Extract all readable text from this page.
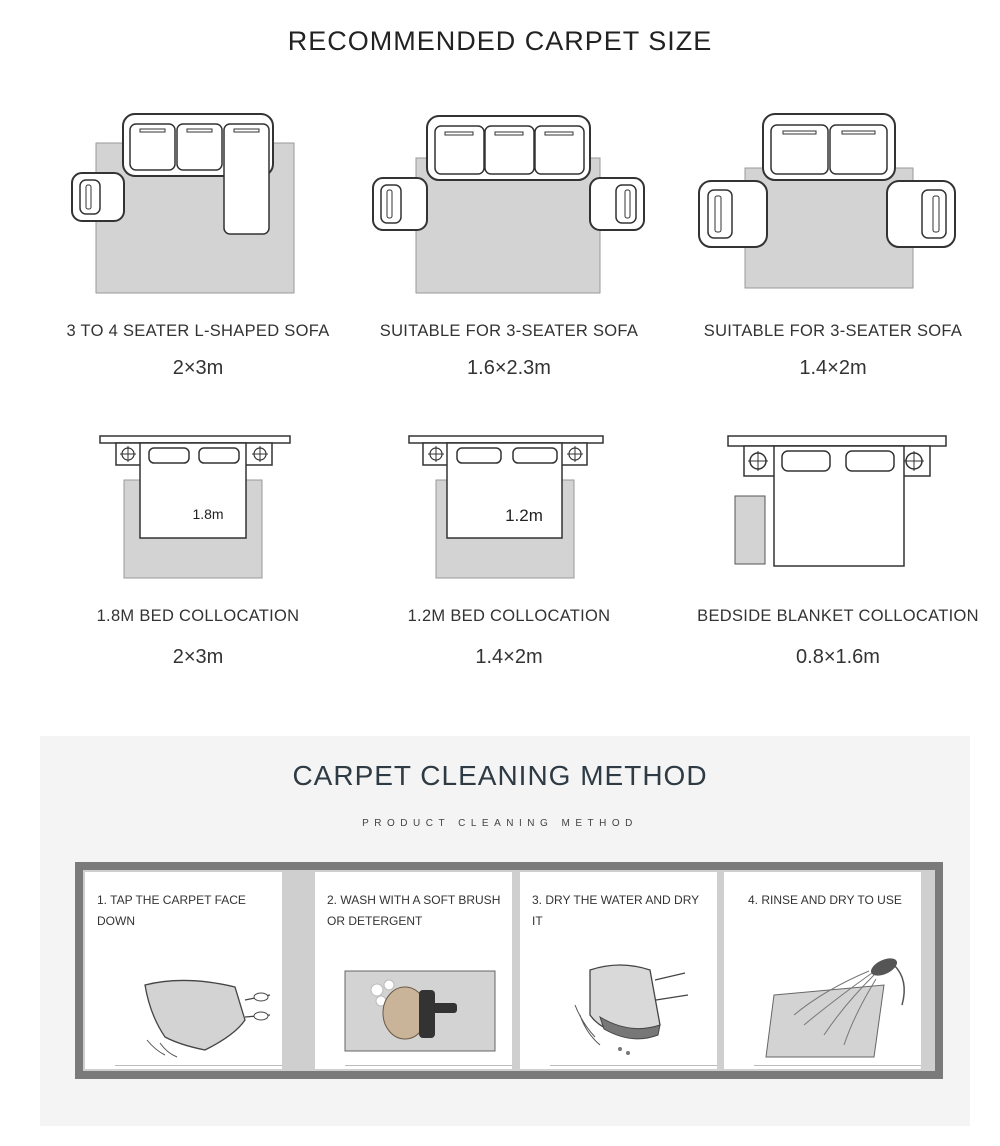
RECOMMENDED CARPET SIZE
3 TO 4 SEATER L-SHAPED SOFA
2×3m
SUITABLE FOR 3-SEATER SOFA
1.6×2.3m
SUITABLE FOR 3-SEATER SOFA
1.4×2m
1.8m
1.8M BED COLLOCATION
2×3m
1.2m
1.2M BED COLLOCATION
1.4×2m
BEDSIDE BLANKET COLLOCATION
0.8×1.6m
CARPET CLEANING METHOD
PRODUCT CLEANING METHOD
1. TAP THE CARPET FACE DOWN
2. WASH WITH A SOFT BRUSH OR DETERGENT
3. DRY THE WATER AND DRY IT
4. RINSE AND DRY TO USE
